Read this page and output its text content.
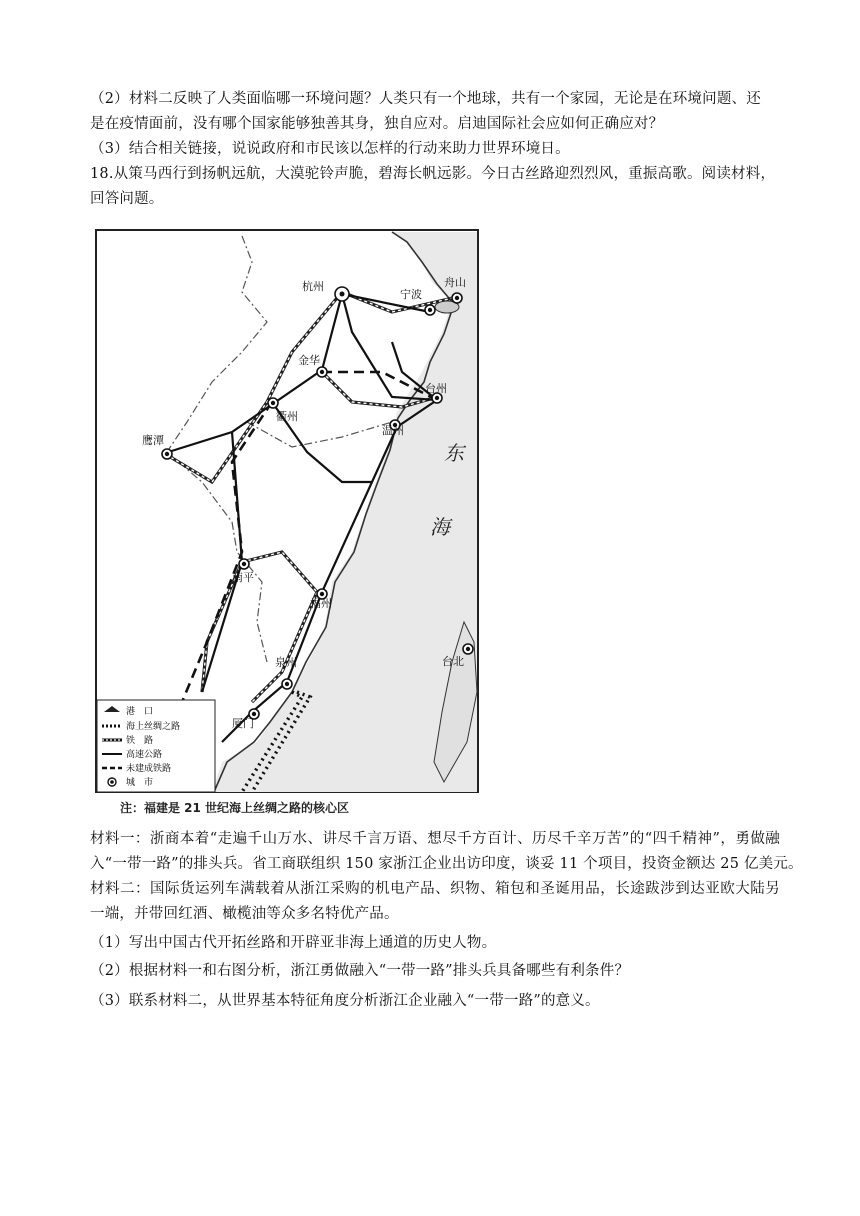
（2）材料二反映了人类面临哪一环境问题？人类只有一个地球，共有一个家园，无论是在环境问题、还
是在疫情面前，没有哪个国家能够独善其身，独自应对。启迪国际社会应如何正确应对？
（3）结合相关链接，说说政府和市民该以怎样的行动来助力世界环境日。
18.从策马西行到扬帆远航，大漠驼铃声脆，碧海长帆远影。今日古丝路迎烈烈风，重振高歌。阅读材料，
回答问题。
杭州
宁波
舟山
金华
衢州
台州
温州
鹰潭
南平
福州
泉州
厦门
台北
东
海
港　口
海上丝绸之路
铁　路
高速公路
未建成铁路
城　市
注：福建是 21 世纪海上丝绸之路的核心区
材料一：浙商本着“走遍千山万水、讲尽千言万语、想尽千方百计、历尽千辛万苦”的“四千精神”，勇做融
入“一带一路”的排头兵。省工商联组织 150 家浙江企业出访印度，谈妥 11 个项目，投资金额达 25 亿美元。
材料二：国际货运列车满载着从浙江采购的机电产品、织物、箱包和圣诞用品，长途跋涉到达亚欧大陆另
一端，并带回红酒、橄榄油等众多名特优产品。
（1）写出中国古代开拓丝路和开辟亚非海上通道的历史人物。
（2）根据材料一和右图分析，浙江勇做融入“一带一路”排头兵具备哪些有利条件？
（3）联系材料二，从世界基本特征角度分析浙江企业融入“一带一路”的意义。
